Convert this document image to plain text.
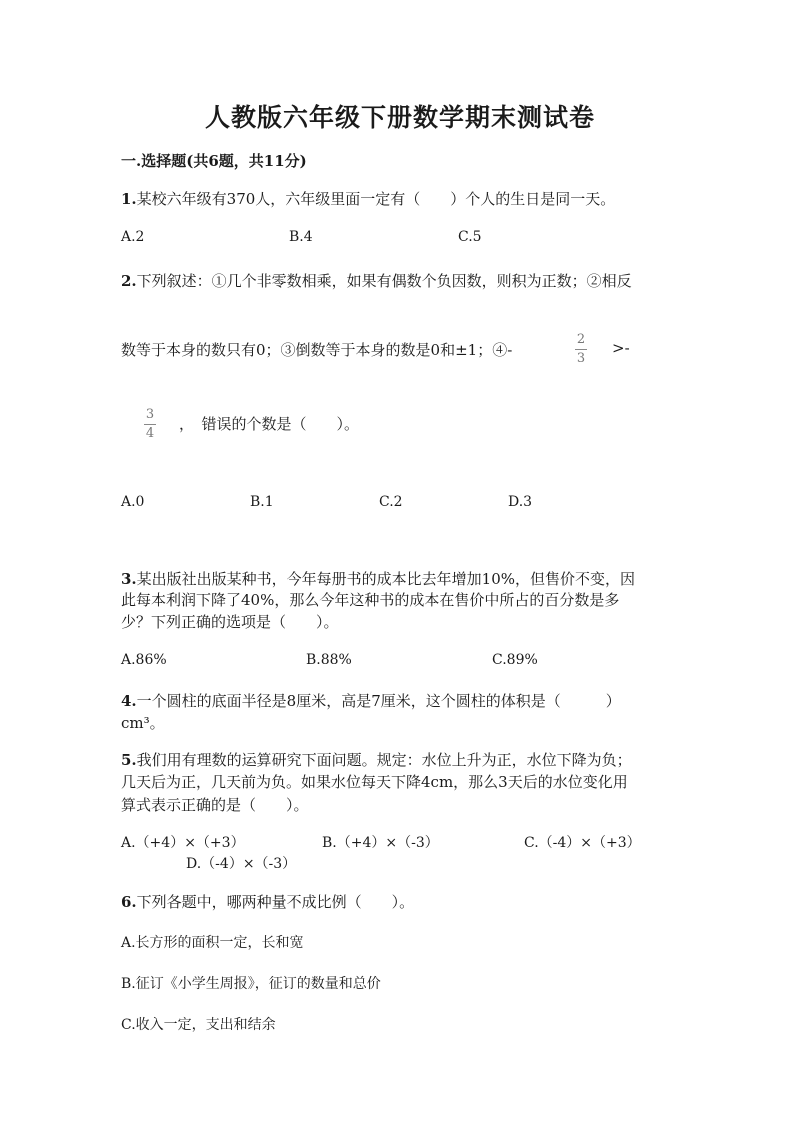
人教版六年级下册数学期末测试卷
一.选择题(共6题，共11分)
1.某校六年级有370人，六年级里面一定有（　　）个人的生日是同一天。
A.2	B.4	C.5
2.下列叙述：①几个非零数相乘，如果有偶数个负因数，则积为正数；②相反
数等于本身的数只有0；③倒数等于本身的数是0和±1；④-
2
3
>-
3
4
，　错误的个数是（　　）。
A.0	B.1	C.2	D.3
3.某出版社出版某种书，今年每册书的成本比去年增加10%，但售价不变，因
此每本利润下降了40%，那么今年这种书的成本在售价中所占的百分数是多
少？下列正确的选项是（　　）。
A.86%	B.88%	C.89%
4.一个圆柱的底面半径是8厘米，高是7厘米，这个圆柱的体积是（　　　）
cm³。
5.我们用有理数的运算研究下面问题。规定：水位上升为正，水位下降为负；
几天后为正，几天前为负。如果水位每天下降4cm，那么3天后的水位变化用
算式表示正确的是（　　）。
A.（+4）×（+3）	B.（+4）×（-3）	C.（-4）×（+3）
D.（-4）×（-3）
6.下列各题中，哪两种量不成比例（　　）。
A.长方形的面积一定，长和宽
B.征订《小学生周报》，征订的数量和总价
C.收入一定，支出和结余
